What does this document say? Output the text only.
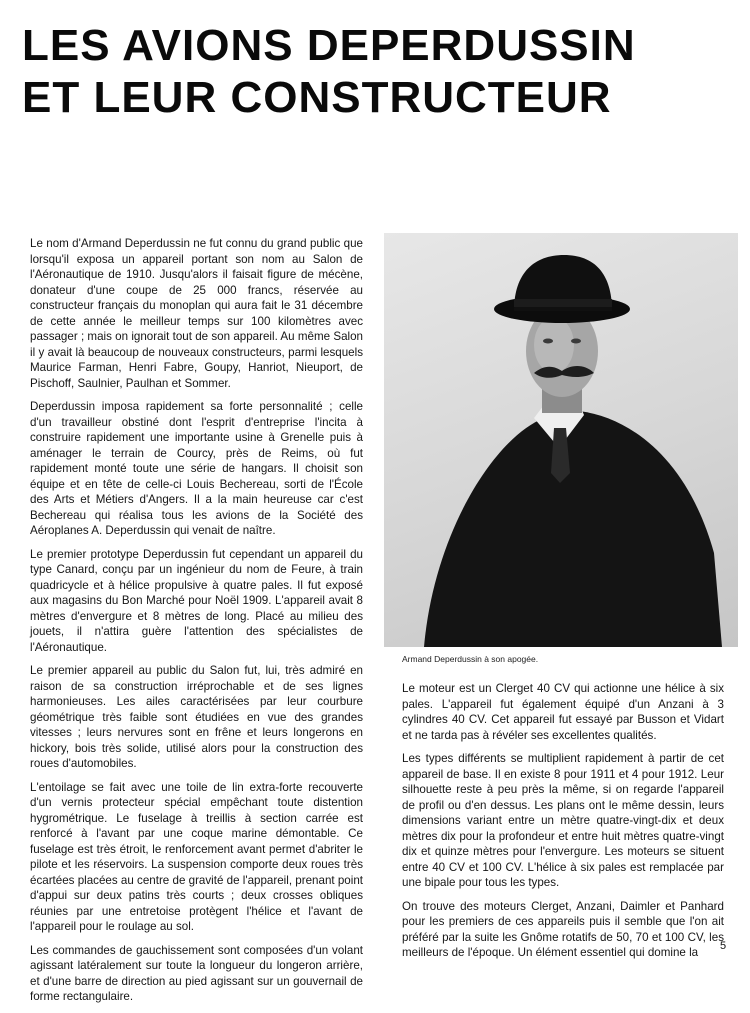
LES AVIONS DEPERDUSSIN
ET LEUR CONSTRUCTEUR

Le nom d'Armand Deperdussin ne fut connu du grand public que lorsqu'il exposa un appareil portant son nom au Salon de l'Aéronautique de 1910. Jusqu'alors il faisait figure de mécène, donateur d'une coupe de 25 000 francs, réservée au constructeur français du monoplan qui aura fait le 31 décembre de cette année le meilleur temps sur 100 kilomètres avec passager ; mais on ignorait tout de son appareil. Au même Salon il y avait là beaucoup de nouveaux constructeurs, parmi lesquels Maurice Farman, Henri Fabre, Goupy, Hanriot, Nieuport, de Pischoff, Saulnier, Paulhan et Sommer.

Deperdussin imposa rapidement sa forte personnalité ; celle d'un travailleur obstiné dont l'esprit d'entreprise l'incita à construire rapidement une importante usine à Grenelle puis à aménager le terrain de Courcy, près de Reims, où fut rapidement monté toute une série de hangars. Il choisit son équipe et en tête de celle-ci Louis Bechereau, sorti de l'École des Arts et Métiers d'Angers. Il a la main heureuse car c'est Bechereau qui réalisa tous les avions de la Société des Aéroplanes A. Deperdussin qui venait de naître.

Le premier prototype Deperdussin fut cependant un appareil du type Canard, conçu par un ingénieur du nom de Feure, à train quadricycle et à hélice propulsive à quatre pales. Il fut exposé aux magasins du Bon Marché pour Noël 1909. L'appareil avait 8 mètres d'envergure et 8 mètres de long. Placé au milieu des jouets, il n'attira guère l'attention des spécialistes de l'Aéronautique.

Le premier appareil au public du Salon fut, lui, très admiré en raison de sa construction irréprochable et de ses lignes harmonieuses. Les ailes caractérisées par leur courbure géométrique très faible sont étudiées en vue des grandes vitesses ; leurs nervures sont en frêne et leurs longerons en hickory, bois très solide, utilisé alors pour la construction des roues d'automobiles.

L'entoilage se fait avec une toile de lin extra-forte recouverte d'un vernis protecteur spécial empêchant toute distention hygrométrique. Le fuselage à treillis à section carrée est renforcé à l'avant par une coque marine démontable. Ce fuselage est très étroit, le renforcement avant permet d'abriter le pilote et les réservoirs. La suspension comporte deux roues très écartées placées au centre de gravité de l'appareil, prenant point d'appui sur deux patins très courts ; deux crosses obliques réunies par une entretoise protègent l'hélice et l'avant de l'appareil pour le roulage au sol.

Les commandes de gauchissement sont composées d'un volant agissant latéralement sur toute la longueur du longeron arrière, et d'une barre de direction au pied agissant sur un gouvernail de forme rectangulaire.

Armand Deperdussin à son apogée.

Le moteur est un Clerget 40 CV qui actionne une hélice à six pales. L'appareil fut également équipé d'un Anzani à 3 cylindres 40 CV. Cet appareil fut essayé par Busson et Vidart et ne tarda pas à révéler ses excellentes qualités.

Les types différents se multiplient rapidement à partir de cet appareil de base. Il en existe 8 pour 1911 et 4 pour 1912. Leur silhouette reste à peu près la même, si on regarde l'appareil de profil ou d'en dessus. Les plans ont le même dessin, leurs dimensions variant entre un mètre quatre-vingt-dix et deux mètres dix pour la profondeur et entre huit mètres quatre-vingt dix et quinze mètres pour l'envergure. Les moteurs se situent entre 40 CV et 100 CV. L'hélice à six pales est remplacée par une bipale pour tous les types.

On trouve des moteurs Clerget, Anzani, Daimler et Panhard pour les premiers de ces appareils puis il semble que l'on ait préféré par la suite les Gnôme rotatifs de 50, 70 et 100 CV, les meilleurs de l'époque. Un élément essentiel qui domine la	5
